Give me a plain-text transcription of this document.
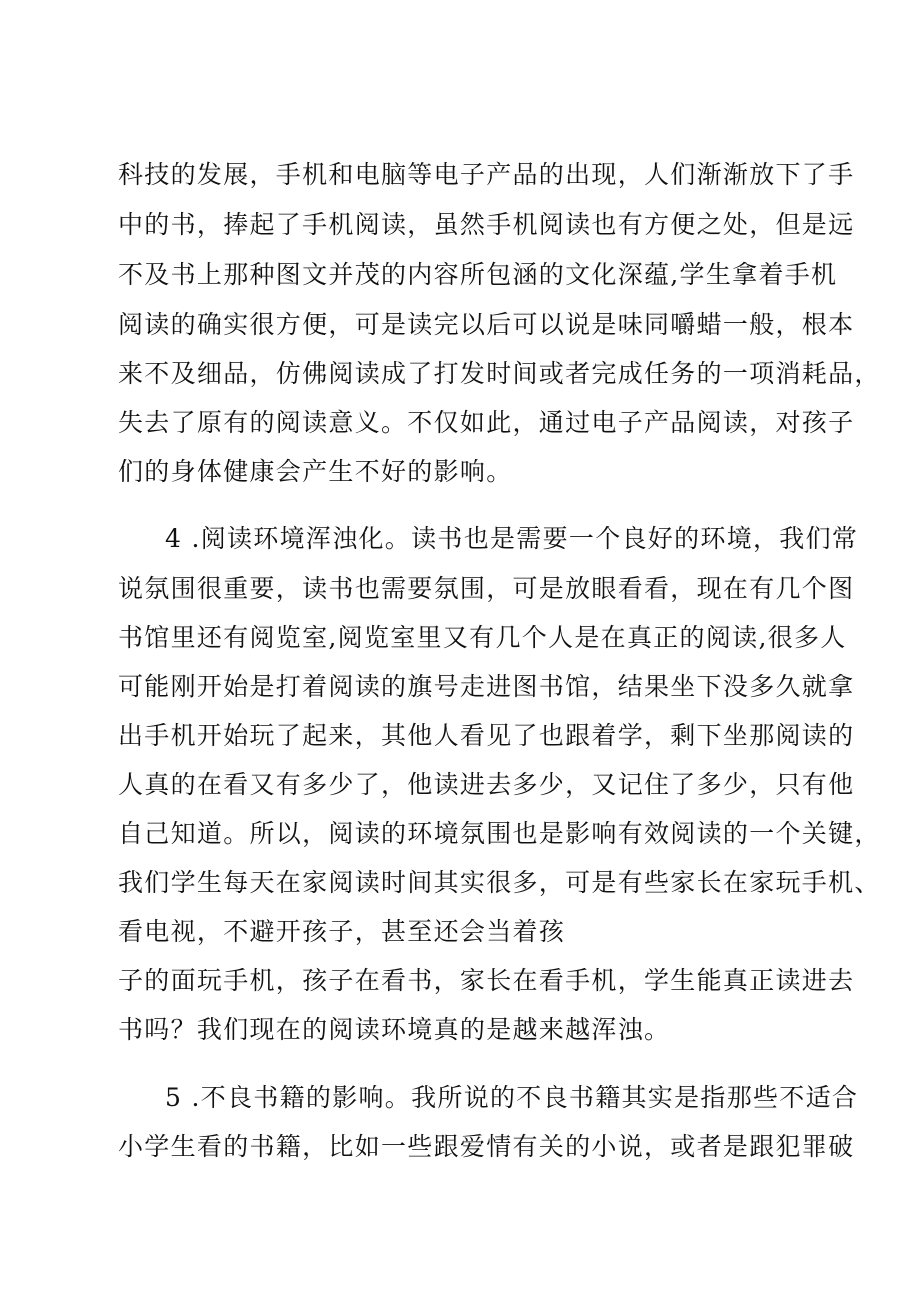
科技的发展，手机和电脑等电子产品的出现，人们渐渐放下了手
中的书，捧起了手机阅读，虽然手机阅读也有方便之处，但是远
不及书上那种图文并茂的内容所包涵的文化深蕴,学生拿着手机
阅读的确实很方便，可是读完以后可以说是味同嚼蜡一般，根本
来不及细品，仿佛阅读成了打发时间或者完成任务的一项消耗品，
失去了原有的阅读意义。不仅如此，通过电子产品阅读，对孩子
们的身体健康会产生不好的影响。
4 .阅读环境浑浊化。读书也是需要一个良好的环境，我们常
说氛围很重要，读书也需要氛围，可是放眼看看，现在有几个图
书馆里还有阅览室,阅览室里又有几个人是在真正的阅读,很多人
可能刚开始是打着阅读的旗号走进图书馆，结果坐下没多久就拿
出手机开始玩了起来，其他人看见了也跟着学，剩下坐那阅读的
人真的在看又有多少了，他读进去多少，又记住了多少，只有他
自己知道。所以，阅读的环境氛围也是影响有效阅读的一个关键，
我们学生每天在家阅读时间其实很多，可是有些家长在家玩手机、
看电视，不避开孩子，甚至还会当着孩
子的面玩手机，孩子在看书，家长在看手机，学生能真正读进去
书吗？我们现在的阅读环境真的是越来越浑浊。
5 .不良书籍的影响。我所说的不良书籍其实是指那些不适合
小学生看的书籍，比如一些跟爱情有关的小说，或者是跟犯罪破
